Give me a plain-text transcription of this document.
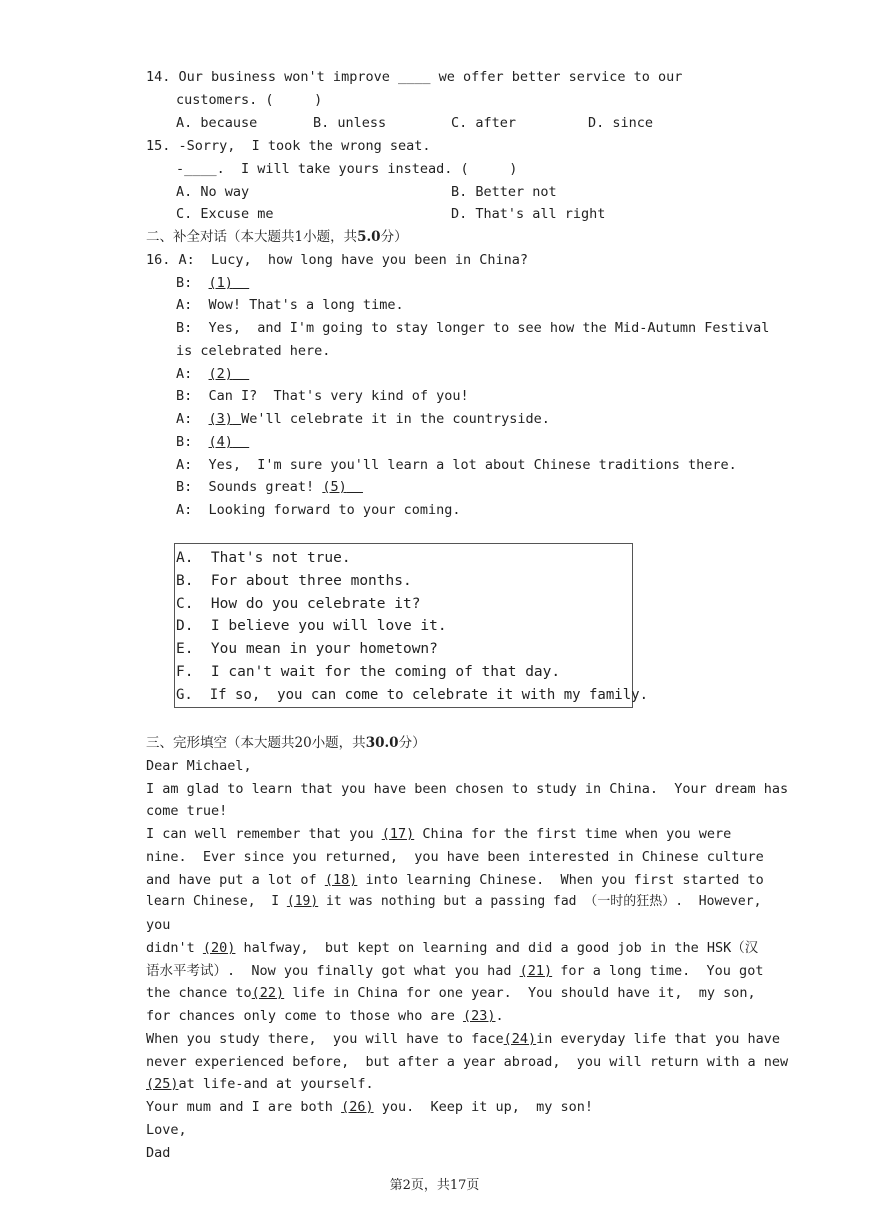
14. Our business won't improve ____ we offer better service to our
customers. (     )
A. because	B. unless	C. after	D. since
15. -Sorry,  I took the wrong seat.
-____.  I will take yours instead. (     )
A. No way	B. Better not
C. Excuse me	D. That's all right
二、补全对话（本大题共1小题，共5.0分）
16. A:  Lucy,  how long have you been in China?
B: (1)
A:  Wow! That's a long time.
B:  Yes,  and I'm going to stay longer to see how the Mid-Autumn Festival
is celebrated here.
A: (2)
B:  Can I?  That's very kind of you!
A: (3) We'll celebrate it in the countryside.
B: (4)
A:  Yes,  I'm sure you'll learn a lot about Chinese traditions there.
B:  Sounds great! (5)
A:  Looking forward to your coming.
A.  That's not true.
B.  For about three months.
C.  How do you celebrate it?
D.  I believe you will love it.
E.  You mean in your hometown?
F.  I can't wait for the coming of that day.
G.  If so,  you can come to celebrate it with my family.
三、完形填空（本大题共20小题，共30.0分）
Dear Michael,
I am glad to learn that you have been chosen to study in China.  Your dream has
come true!
I can well remember that you (17) China for the first time when you were
nine.  Ever since you returned,  you have been interested in Chinese culture
and have put a lot of (18) into learning Chinese.  When you first started to
learn Chinese,  I (19) it was nothing but a passing fad （一时的狂热）.  However,
you
didn't (20) halfway,  but kept on learning and did a good job in the HSK（汉
语水平考试）.  Now you finally got what you had (21) for a long time.  You got
the chance to(22) life in China for one year.  You should have it,  my son,
for chances only come to those who are (23).
When you study there,  you will have to face(24)in everyday life that you have
never experienced before,  but after a year abroad,  you will return with a new
(25)at life-and at yourself.
Your mum and I are both (26) you.  Keep it up,  my son!
Love,
Dad
第2页，共17页
